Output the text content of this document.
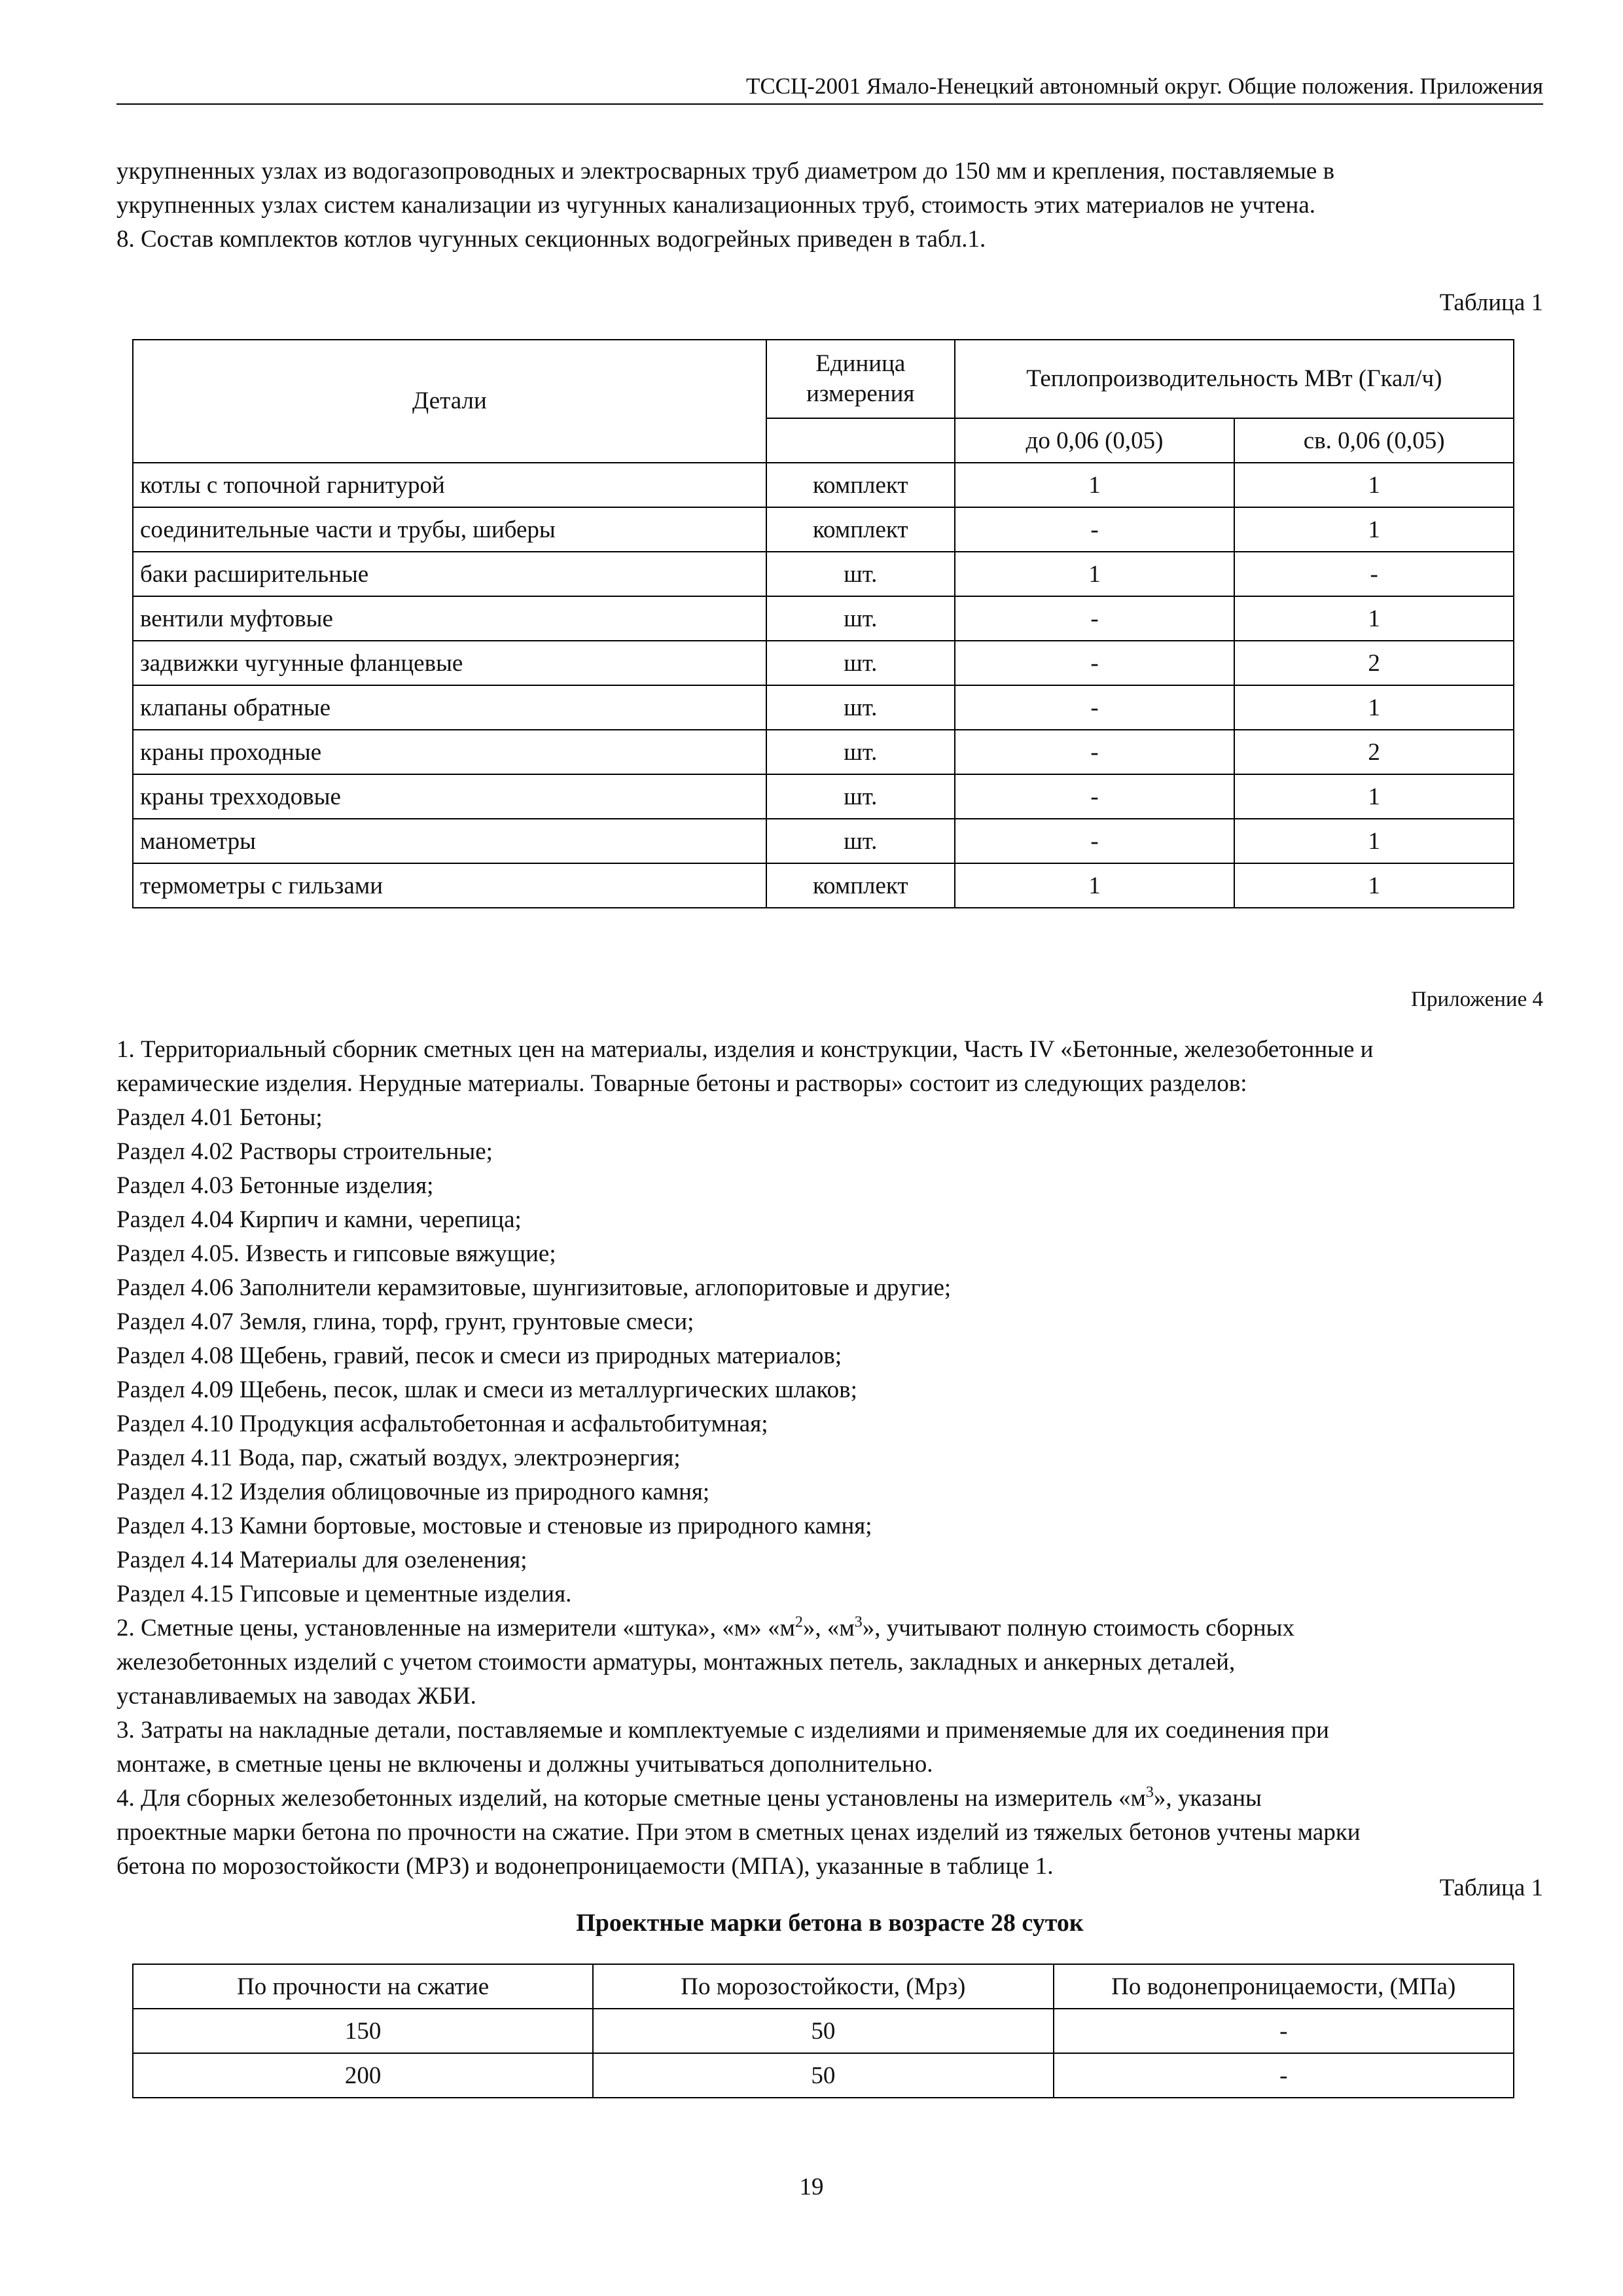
ТССЦ-2001 Ямало-Ненецкий автономный округ. Общие положения. Приложения

укрупненных узлах из водогазопроводных и электросварных труб диаметром до 150 мм и крепления, поставляемые в

укрупненных узлах систем канализации из чугунных канализационных труб, стоимость этих материалов не учтена.

8. Состав комплектов котлов чугунных секционных водогрейных приведен в табл.1.

Таблица 1
Детали	Единица измерения	Теплопроизводительность МВт (Гкал/ч)	
		до 0,06 (0,05)	св. 0,06 (0,05)
котлы с топочной гарнитурой	комплект	1	1
соединительные части и трубы, шиберы	комплект	-	1
баки расширительные	шт.	1	-
вентили муфтовые	шт.	-	1
задвижки чугунные фланцевые	шт.	-	2
клапаны обратные	шт.	-	1
краны проходные	шт.	-	2
краны трехходовые	шт.	-	1
манометры	шт.	-	1
термометры с гильзами	комплект	1	1
Приложение 4

1. Территориальный сборник сметных цен на материалы, изделия и конструкции, Часть IV «Бетонные, железобетонные и

керамические изделия. Нерудные материалы. Товарные бетоны и растворы» состоит из следующих разделов:

Раздел 4.01 Бетоны;

Раздел 4.02 Растворы строительные;

Раздел 4.03 Бетонные изделия;

Раздел 4.04 Кирпич и камни, черепица;

Раздел 4.05. Известь и гипсовые вяжущие;

Раздел 4.06 Заполнители керамзитовые, шунгизитовые, аглопоритовые и другие;

Раздел 4.07 Земля, глина, торф, грунт, грунтовые смеси;

Раздел 4.08 Щебень, гравий, песок и смеси из природных материалов;

Раздел 4.09 Щебень, песок, шлак и смеси из металлургических шлаков;

Раздел 4.10 Продукция асфальтобетонная и асфальтобитумная;

Раздел 4.11 Вода, пар, сжатый воздух, электроэнергия;

Раздел 4.12 Изделия облицовочные из природного камня;

Раздел 4.13 Камни бортовые, мостовые и стеновые из природного камня;

Раздел 4.14 Материалы для озеленения;

Раздел 4.15 Гипсовые и цементные изделия.

2. Сметные цены, установленные на измерители «штука», «м» «$м^2$», «$м^3$», учитывают полную стоимость сборных

железобетонных изделий с учетом стоимости арматуры, монтажных петель, закладных и анкерных деталей,

устанавливаемых на заводах ЖБИ.

3. Затраты на накладные детали, поставляемые и комплектуемые с изделиями и применяемые для их соединения при

монтаже, в сметные цены не включены и должны учитываться дополнительно.

4. Для сборных железобетонных изделий, на которые сметные цены установлены на измеритель «$м^3$», указаны

проектные марки бетона по прочности на сжатие. При этом в сметных ценах изделий из тяжелых бетонов учтены марки

бетона по морозостойкости (МРЗ) и водонепроницаемости (МПА), указанные в таблице 1.

Таблица 1
Проектные марки бетона в возрасте 28 суток
По прочности на сжатие	По морозостойкости, (Мрз)	По водонепроницаемости, (МПа)
150	50	-
200	50	-
19
